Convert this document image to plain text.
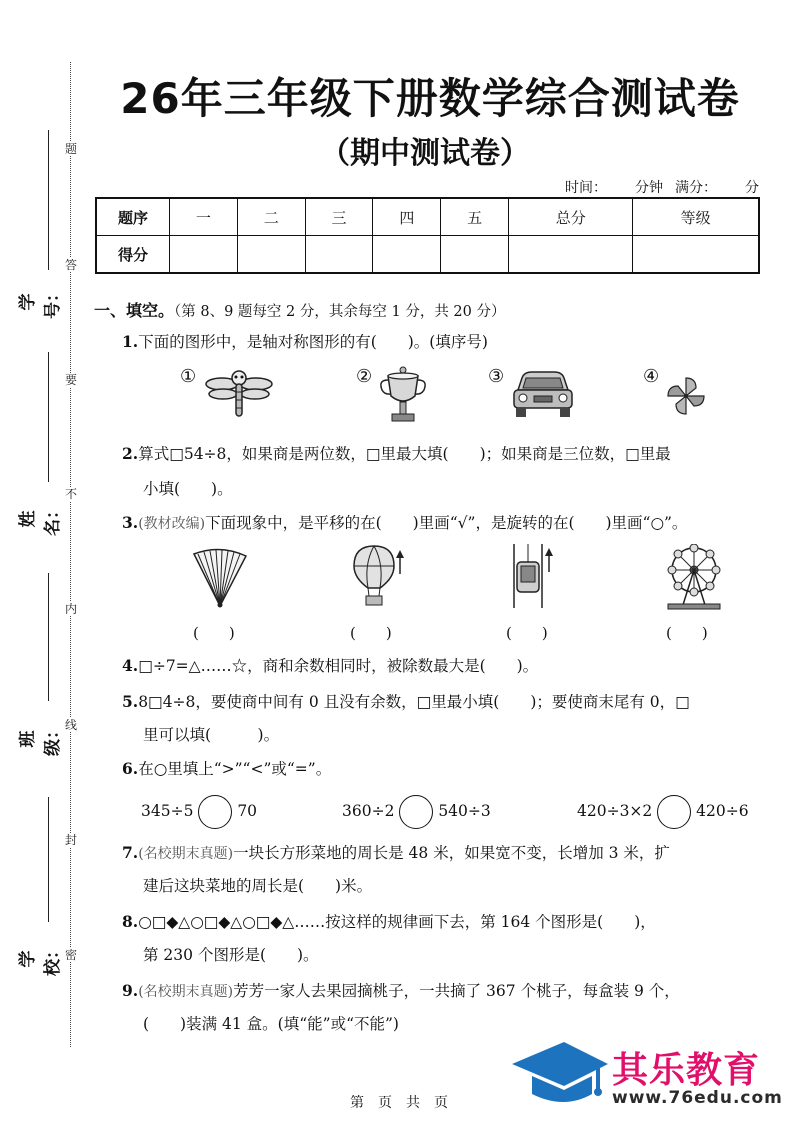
题
答
要
不
内
线
封
密
学号：
姓名：
班级：
学校：
26年三年级下册数学综合测试卷
（期中测试卷）
时间： 分钟 满分： 分
题序	一	二	三	四	五	总分	等级
得分							
一、填空。（第 8、9 题每空 2 分，其余每空 1 分，共 20 分）
1.下面的图形中，是轴对称图形的有(　　)。(填序号)
①	②	③	④
2.算式□54÷8，如果商是两位数，□里最大填(　　)；如果商是三位数，□里最
小填(　　)。
3.(教材改编)下面现象中，是平移的在(　　)里画“√”，是旋转的在(　　)里画“○”。
(　　)	(　　)	(　　)	(　　)
4.□÷7=△……☆，商和余数相同时，被除数最大是(　　)。
5.8□4÷8，要使商中间有 0 且没有余数，□里最小填(　　)；要使商末尾有 0，□
里可以填(　　　)。
6.在○里填上“>”“<”或“=”。
345÷5	70	360÷2	540÷3	420÷3×2	420÷6
7.(名校期末真题)一块长方形菜地的周长是 48 米，如果宽不变，长增加 3 米，扩
建后这块菜地的周长是(　　)米。
8.○□◆△○□◆△○□◆△……按这样的规律画下去，第 164 个图形是(　　)，
第 230 个图形是(　　)。
9.(名校期末真题)芳芳一家人去果园摘桃子，一共摘了 367 个桃子，每盒装 9 个，
(　　)装满 41 盒。(填“能”或“不能”)
第　页　共　页
其乐教育
www.76edu.com
